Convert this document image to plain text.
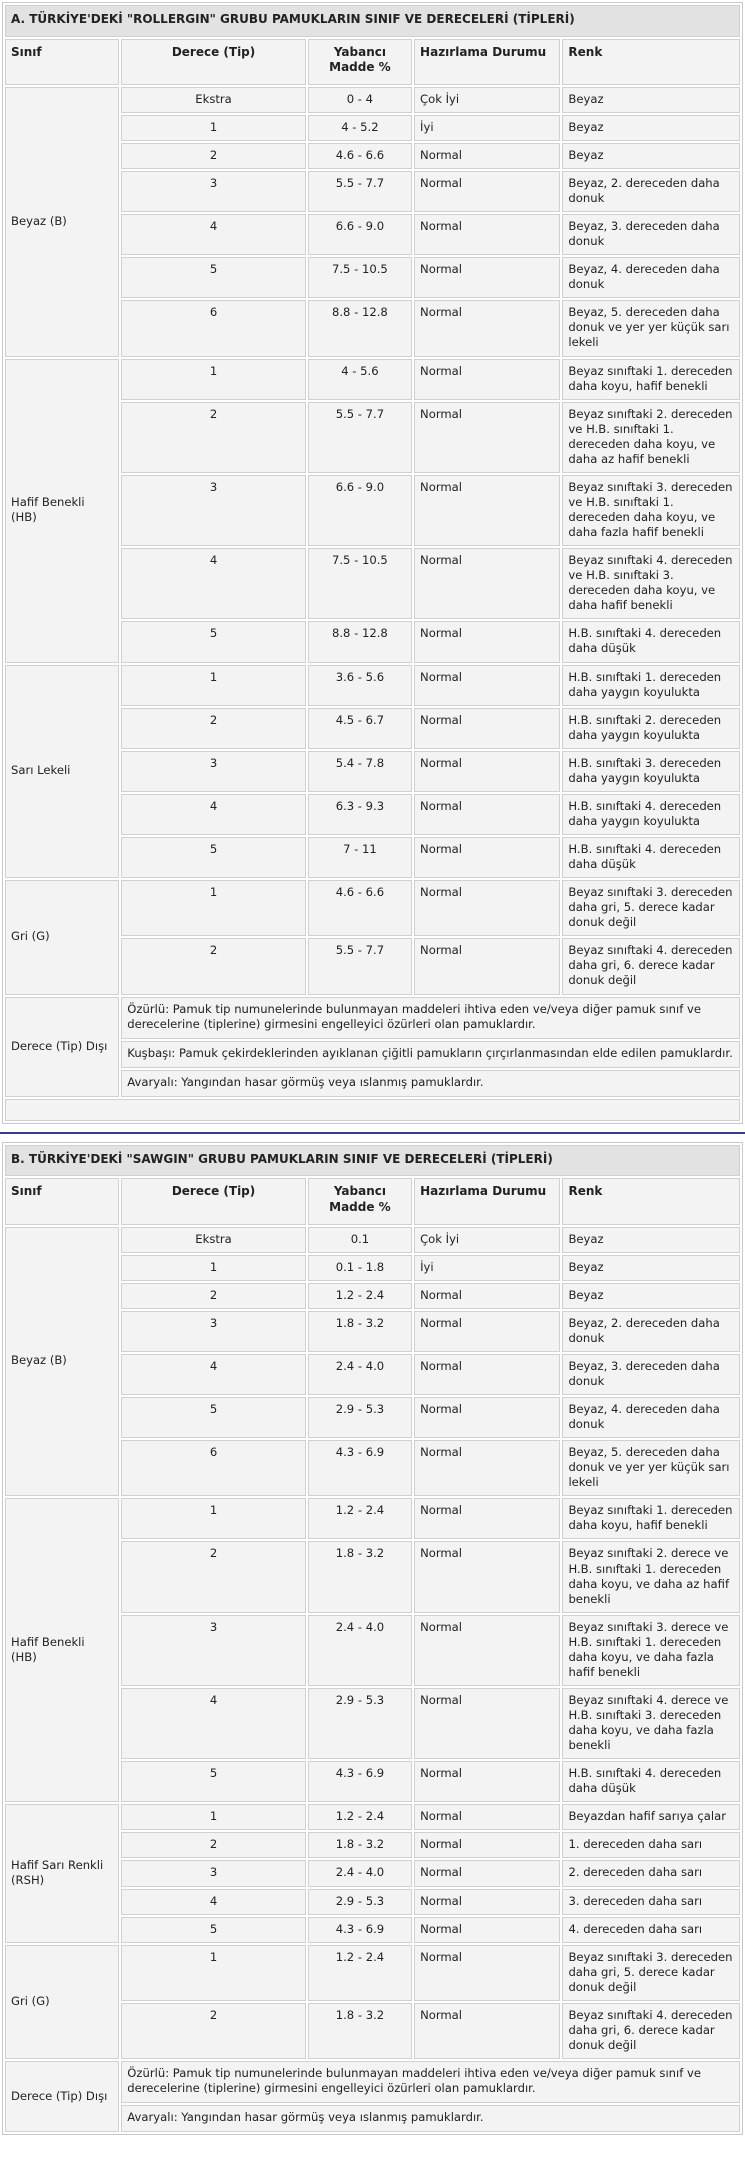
A. TÜRKİYE'DEKİ "ROLLERGIN" GRUBU PAMUKLARIN SINIF VE DERECELERİ (TİPLERİ)				
Sınıf	Derece (Tip)	Yabancı Madde %	Hazırlama Durumu	Renk
Beyaz (B)	Ekstra	0 - 4	Çok İyi	Beyaz
	1	4 - 5.2	İyi	Beyaz
	2	4.6 - 6.6	Normal	Beyaz
	3	5.5 - 7.7	Normal	Beyaz, 2. dereceden daha donuk
	4	6.6 - 9.0	Normal	Beyaz, 3. dereceden daha donuk
	5	7.5 - 10.5	Normal	Beyaz, 4. dereceden daha donuk
	6	8.8 - 12.8	Normal	Beyaz, 5. dereceden daha donuk ve yer yer küçük sarı lekeli
Hafif Benekli (HB)	1	4 - 5.6	Normal	Beyaz sınıftaki 1. dereceden daha koyu, hafif benekli
	2	5.5 - 7.7	Normal	Beyaz sınıftaki 2. dereceden ve H.B. sınıftaki 1. dereceden daha koyu, ve daha az hafif benekli
	3	6.6 - 9.0	Normal	Beyaz sınıftaki 3. dereceden ve H.B. sınıftaki 1. dereceden daha koyu, ve daha fazla hafif benekli
	4	7.5 - 10.5	Normal	Beyaz sınıftaki 4. dereceden ve H.B. sınıftaki 3. dereceden daha koyu, ve daha hafif benekli
	5	8.8 - 12.8	Normal	H.B. sınıftaki 4. dereceden daha düşük
Sarı Lekeli	1	3.6 - 5.6	Normal	H.B. sınıftaki 1. dereceden daha yaygın koyulukta
	2	4.5 - 6.7	Normal	H.B. sınıftaki 2. dereceden daha yaygın koyulukta
	3	5.4 - 7.8	Normal	H.B. sınıftaki 3. dereceden daha yaygın koyulukta
	4	6.3 - 9.3	Normal	H.B. sınıftaki 4. dereceden daha yaygın koyulukta
	5	7 - 11	Normal	H.B. sınıftaki 4. dereceden daha düşük
Gri (G)	1	4.6 - 6.6	Normal	Beyaz sınıftaki 3. dereceden daha gri, 5. derece kadar donuk değil
	2	5.5 - 7.7	Normal	Beyaz sınıftaki 4. dereceden daha gri, 6. derece kadar donuk değil
Derece (Tip) Dışı	Özürlü: Pamuk tip numunelerinde bulunmayan maddeleri ihtiva eden ve/veya diğer pamuk sınıf ve derecelerine (tiplerine) girmesini engelleyici özürleri olan pamuklardır.			
	Kuşbaşı: Pamuk çekirdeklerinden ayıklanan çiğitli pamukların çırçırlanmasından elde edilen pamuklardır.			
	Avaryalı: Yangından hasar görmüş veya ıslanmış pamuklardır.			

B. TÜRKİYE'DEKİ "SAWGIN" GRUBU PAMUKLARIN SINIF VE DERECELERİ (TİPLERİ)				
Sınıf	Derece (Tip)	Yabancı Madde %	Hazırlama Durumu	Renk
Beyaz (B)	Ekstra	0.1	Çok İyi	Beyaz
	1	0.1 - 1.8	İyi	Beyaz
	2	1.2 - 2.4	Normal	Beyaz
	3	1.8 - 3.2	Normal	Beyaz, 2. dereceden daha donuk
	4	2.4 - 4.0	Normal	Beyaz, 3. dereceden daha donuk
	5	2.9 - 5.3	Normal	Beyaz, 4. dereceden daha donuk
	6	4.3 - 6.9	Normal	Beyaz, 5. dereceden daha donuk ve yer yer küçük sarı lekeli
Hafif Benekli (HB)	1	1.2 - 2.4	Normal	Beyaz sınıftaki 1. dereceden daha koyu, hafif benekli
	2	1.8 - 3.2	Normal	Beyaz sınıftaki 2. derece ve H.B. sınıftaki 1. dereceden daha koyu, ve daha az hafif benekli
	3	2.4 - 4.0	Normal	Beyaz sınıftaki 3. derece ve H.B. sınıftaki 1. dereceden daha koyu, ve daha fazla hafif benekli
	4	2.9 - 5.3	Normal	Beyaz sınıftaki 4. derece ve H.B. sınıftaki 3. dereceden daha koyu, ve daha fazla benekli
	5	4.3 - 6.9	Normal	H.B. sınıftaki 4. dereceden daha düşük
Hafif Sarı Renkli (RSH)	1	1.2 - 2.4	Normal	Beyazdan hafif sarıya çalar
	2	1.8 - 3.2	Normal	1. dereceden daha sarı
	3	2.4 - 4.0	Normal	2. dereceden daha sarı
	4	2.9 - 5.3	Normal	3. dereceden daha sarı
	5	4.3 - 6.9	Normal	4. dereceden daha sarı
Gri (G)	1	1.2 - 2.4	Normal	Beyaz sınıftaki 3. dereceden daha gri, 5. derece kadar donuk değil
	2	1.8 - 3.2	Normal	Beyaz sınıftaki 4. dereceden daha gri, 6. derece kadar donuk değil
Derece (Tip) Dışı	Özürlü: Pamuk tip numunelerinde bulunmayan maddeleri ihtiva eden ve/veya diğer pamuk sınıf ve derecelerine (tiplerine) girmesini engelleyici özürleri olan pamuklardır.			
	Avaryalı: Yangından hasar görmüş veya ıslanmış pamuklardır.			
